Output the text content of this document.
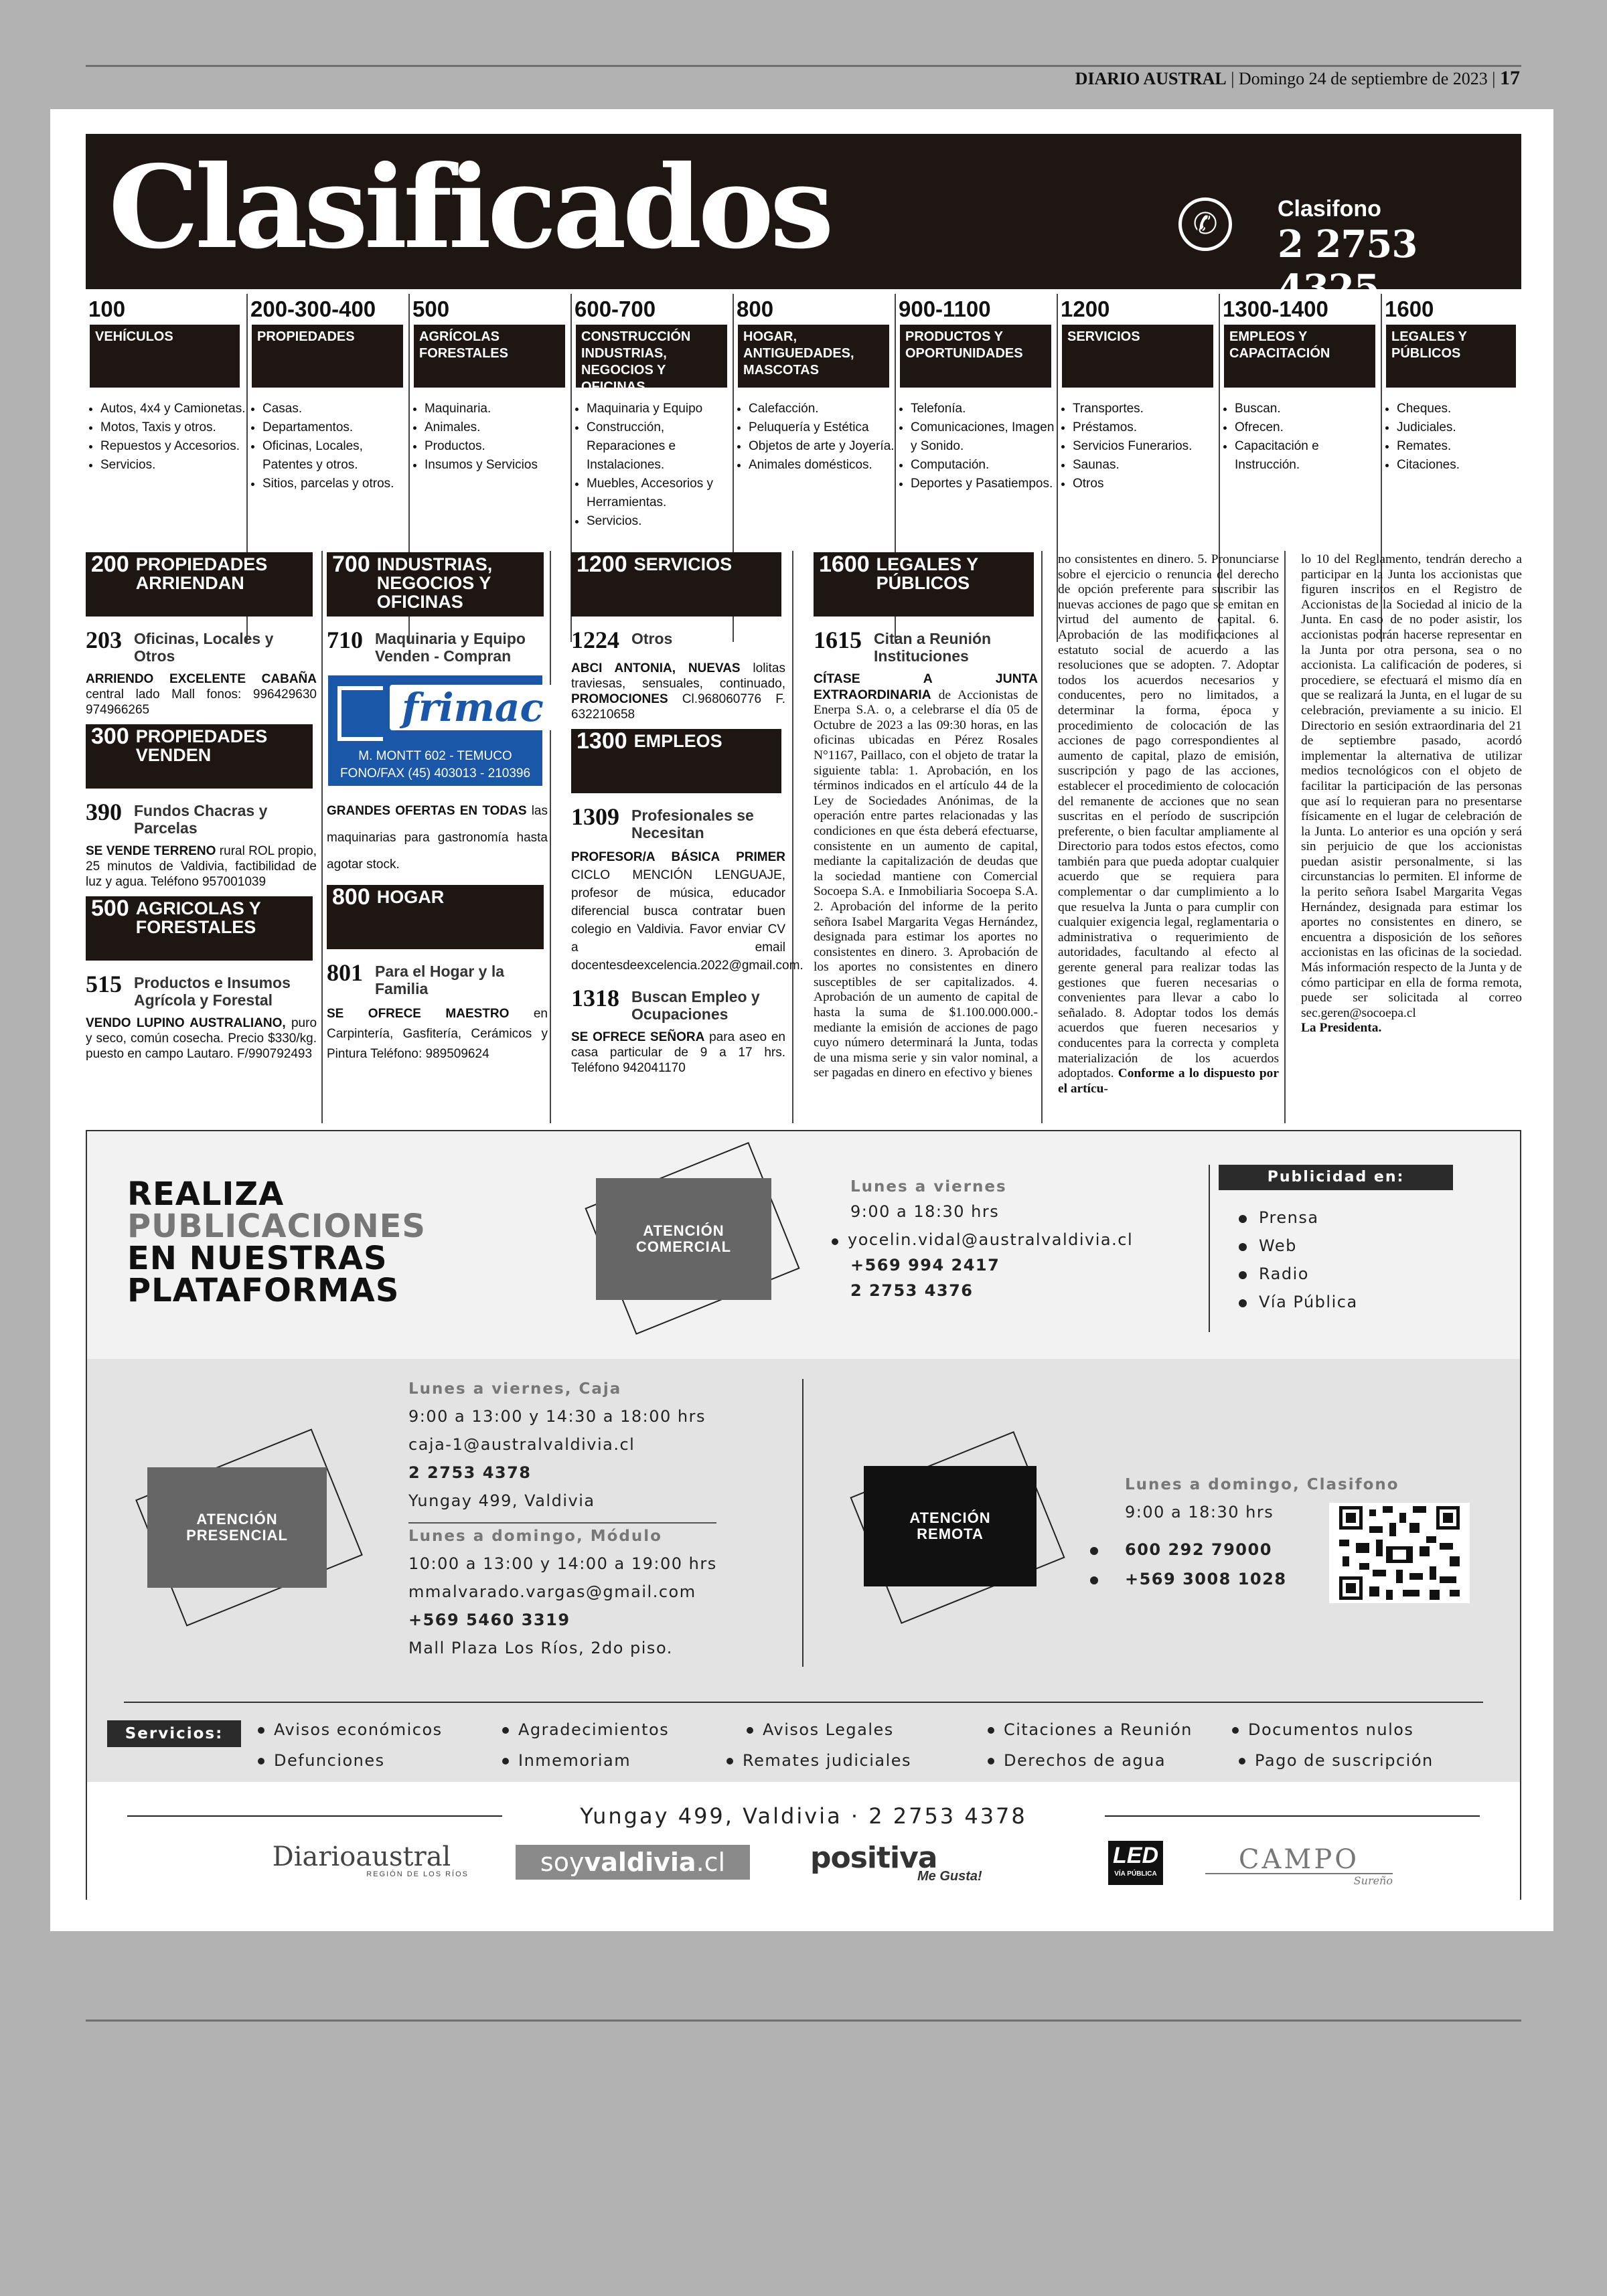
DIARIO AUSTRAL | Domingo 24 de septiembre de 2023 | 17
Clasificados	✆	Clasifono
2 2753 4325
100
VEHÍCULOS
• Autos, 4x4 y Camionetas.
• Motos, Taxis y otros.
• Repuestos y Accesorios.
• Servicios.
200-300-400
PROPIEDADES
• Casas.
• Departamentos.
• Oficinas, Locales, Patentes y otros.
• Sitios, parcelas y otros.
500
AGRÍCOLAS FORESTALES
• Maquinaria.
• Animales.
• Productos.
• Insumos y Servicios
600-700
CONSTRUCCIÓN INDUSTRIAS, NEGOCIOS Y OFICINAS
• Maquinaria y Equipo
• Construcción, Reparaciones e Instalaciones.
• Muebles, Accesorios y Herramientas.
• Servicios.
800
HOGAR, ANTIGUEDADES, MASCOTAS
• Calefacción.
• Peluquería y Estética
• Objetos de arte y Joyería.
• Animales domésticos.
900-1100
PRODUCTOS Y OPORTUNIDADES
• Telefonía.
• Comunicaciones, Imagen y Sonido.
• Computación.
• Deportes y Pasatiempos.
1200
SERVICIOS
• Transportes.
• Préstamos.
• Servicios Funerarios.
• Saunas.
• Otros
1300-1400
EMPLEOS Y CAPACITACIÓN
• Buscan.
• Ofrecen.
• Capacitación e Instrucción.
1600
LEGALES Y PÚBLICOS
• Cheques.
• Judiciales.
• Remates.
• Citaciones.
200 PROPIEDADES ARRIENDAN
203 Oficinas, Locales y Otros
ARRIENDO EXCELENTE CABAÑA central lado Mall fonos: 996429630 974966265
300 PROPIEDADES VENDEN
390 Fundos Chacras y Parcelas
SE VENDE TERRENO rural ROL propio, 25 minutos de Valdivia, factibilidad de luz y agua. Teléfono 957001039
500 AGRICOLAS Y FORESTALES
515 Productos e Insumos Agrícola y Forestal
VENDO LUPINO AUSTRALIANO, puro y seco, común cosecha. Precio $330/kg. puesto en campo Lautaro. F/990792493
700 INDUSTRIAS, NEGOCIOS Y OFICINAS
710 Maquinaria y Equipo Venden - Compran
frimac
M. MONTT 602 - TEMUCO
FONO/FAX (45) 403013 - 210396
GRANDES OFERTAS EN TODAS las maquinarias para gastronomía hasta agotar stock.
800 HOGAR
801 Para el Hogar y la Familia
SE OFRECE MAESTRO en Carpintería, Gasfitería, Cerámicos y Pintura Teléfono: 989509624
1200 SERVICIOS
1224 Otros
ABCI ANTONIA, NUEVAS lolitas traviesas, sensuales, continuado, PROMOCIONES Cl.968060776 F. 632210658
1300 EMPLEOS
1309 Profesionales se Necesitan
PROFESOR/A BÁSICA PRIMER CICLO MENCIÓN LENGUAJE, profesor de música, educador diferencial busca contratar buen colegio en Valdivia. Favor enviar CV a email docentesdeexcelencia.2022@gmail.com.
1318 Buscan Empleo y Ocupaciones
SE OFRECE SEÑORA para aseo en casa particular de 9 a 17 hrs. Teléfono 942041170
1600 LEGALES Y PÚBLICOS
1615 Citan a Reunión Instituciones
CÍTASE A JUNTA EXTRAORDINARIA de Accionistas de Enerpa S.A. o, a celebrarse el día 05 de Octubre de 2023 a las 09:30 horas, en las oficinas ubicadas en Pérez Rosales N°1167, Paillaco, con el objeto de tratar la siguiente tabla: 1. Aprobación, en los términos indicados en el artículo 44 de la Ley de Sociedades Anónimas, de la operación entre partes relacionadas y las condiciones en que ésta deberá efectuarse, consistente en un aumento de capital, mediante la capitalización de deudas que la sociedad mantiene con Comercial Socoepa S.A. e Inmobiliaria Socoepa S.A. 2. Aprobación del informe de la perito señora Isabel Margarita Vegas Hernández, designada para estimar los aportes no consistentes en dinero. 3. Aprobación de los aportes no consistentes en dinero susceptibles de ser capitalizados. 4. Aprobación de un aumento de capital de hasta la suma de $1.100.000.000.- mediante la emisión de acciones de pago cuyo número determinará la Junta, todas de una misma serie y sin valor nominal, a ser pagadas en dinero en efectivo y bienes
no consistentes en dinero. 5. Pronunciarse sobre el ejercicio o renuncia del derecho de opción preferente para suscribir las nuevas acciones de pago que se emitan en virtud del aumento de capital. 6. Aprobación de las modificaciones al estatuto social de acuerdo a las resoluciones que se adopten. 7. Adoptar todos los acuerdos necesarios y conducentes, pero no limitados, a determinar la forma, época y procedimiento de colocación de las acciones de pago correspondientes al aumento de capital, plazo de emisión, suscripción y pago de las acciones, establecer el procedimiento de colocación del remanente de acciones que no sean suscritas en el período de suscripción preferente, o bien facultar ampliamente al Directorio para todos estos efectos, como también para que pueda adoptar cualquier acuerdo que se requiera para complementar o dar cumplimiento a lo que resuelva la Junta o para cumplir con cualquier exigencia legal, reglamentaria o administrativa o requerimiento de autoridades, facultando al efecto al gerente general para realizar todas las gestiones que fueren necesarias o convenientes para llevar a cabo lo señalado. 8. Adoptar todos los demás acuerdos que fueren necesarios y conducentes para la correcta y completa materialización de los acuerdos adoptados. Conforme a lo dispuesto por el artícu-
lo 10 del Reglamento, tendrán derecho a participar en la Junta los accionistas que figuren inscritos en el Registro de Accionistas de la Sociedad al inicio de la Junta. En caso de no poder asistir, los accionistas podrán hacerse representar en la Junta por otra persona, sea o no accionista. La calificación de poderes, si procediere, se efectuará el mismo día en que se realizará la Junta, en el lugar de su celebración, previamente a su inicio. El Directorio en sesión extraordinaria del 21 de septiembre pasado, acordó implementar la alternativa de utilizar medios tecnológicos con el objeto de facilitar la participación de las personas que así lo requieran para no presentarse físicamente en el lugar de celebración de la Junta. Lo anterior es una opción y será sin perjuicio de que los accionistas puedan asistir personalmente, si las circunstancias lo permiten. El informe de la perito señora Isabel Margarita Vegas Hernández, designada para estimar los aportes no consistentes en dinero, se encuentra a disposición de los señores accionistas en las oficinas de la sociedad. Más información respecto de la Junta y de cómo participar en ella de forma remota, puede ser solicitada al correo sec.geren@socoepa.cl
La Presidenta.
REALIZA
PUBLICACIONES
EN NUESTRAS
PLATAFORMAS
ATENCIÓN COMERCIAL
Lunes a viernes
9:00 a 18:30 hrs
yocelin.vidal@australvaldivia.cl
+569 994 2417
2 2753 4376
Publicidad en:
Prensa
Web
Radio
Vía Pública
ATENCIÓN PRESENCIAL
Lunes a viernes, Caja
9:00 a 13:00 y 14:30 a 18:00 hrs
caja-1@australvaldivia.cl
2 2753 4378
Yungay 499, Valdivia
Lunes a domingo, Módulo
10:00 a 13:00 y 14:00 a 19:00 hrs
mmalvarado.vargas@gmail.com
+569 5460 3319
Mall Plaza Los Ríos, 2do piso.
ATENCIÓN REMOTA
Lunes a domingo, Clasifono
9:00 a 18:30 hrs
600 292 79000
+569 3008 1028
Servicios:	Avisos económicos	Agradecimientos	Avisos Legales	Citaciones a Reunión	Documentos nulos
Defunciones	Inmemoriam	Remates judiciales	Derechos de agua	Pago de suscripción
Yungay 499, Valdivia · 2 2753 4378
Diarioaustral
REGIÓN DE LOS RÍOS	soyvaldivia.cl	positiva
Me Gusta!
LED
VÍA PÚBLICA	CAMPO
Sureño
